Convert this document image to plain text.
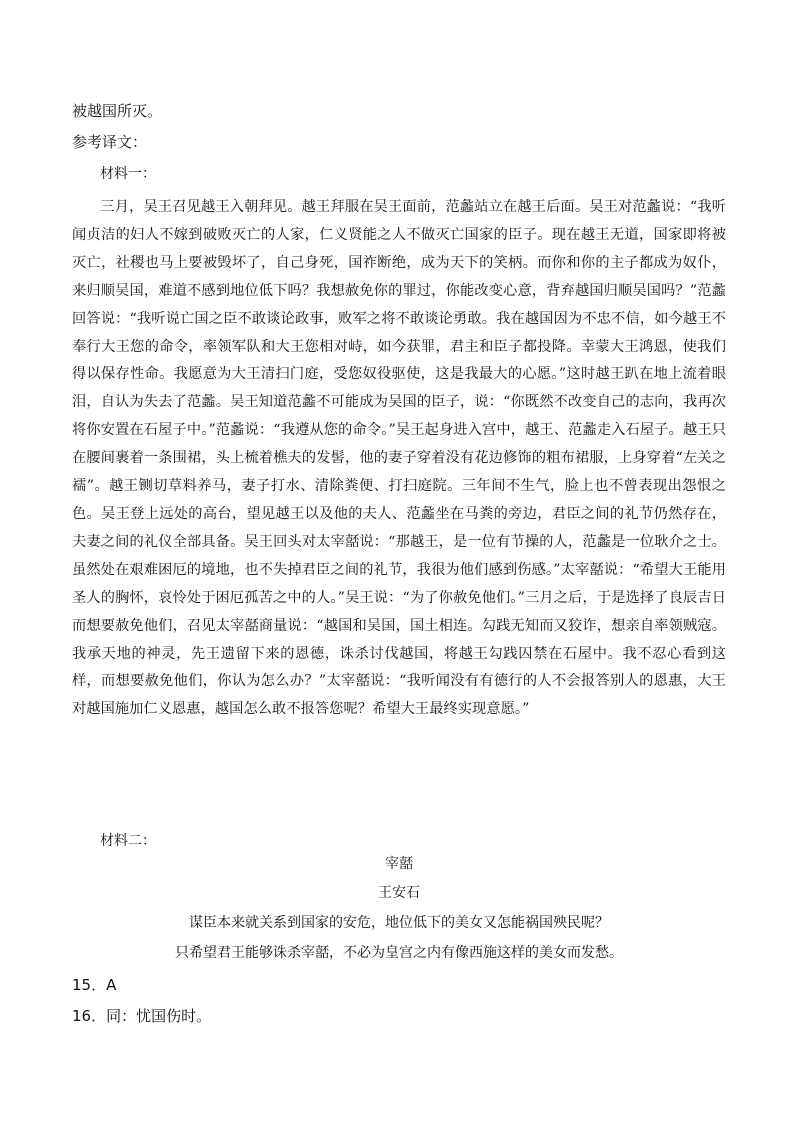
被越国所灭。

参考译文：

材料一：

三月，吴王召见越王入朝拜见。越王拜服在吴王面前，范蠡站立在越王后面。吴王对范蠡说：“我听闻贞洁的妇人不嫁到破败灭亡的人家，仁义贤能之人不做灭亡国家的臣子。现在越王无道，国家即将被灭亡，社稷也马上要被毁坏了，自己身死，国祚断绝，成为天下的笑柄。而你和你的主子都成为奴仆，来归顺吴国，难道不感到地位低下吗？我想赦免你的罪过，你能改变心意，背弃越国归顺吴国吗？”范蠡回答说：“我听说亡国之臣不敢谈论政事，败军之将不敢谈论勇敢。我在越国因为不忠不信，如今越王不奉行大王您的命令，率领军队和大王您相对峙，如今获罪，君主和臣子都投降。幸蒙大王鸿恩，使我们得以保存性命。我愿意为大王清扫门庭，受您奴役驱使，这是我最大的心愿。”这时越王趴在地上流着眼泪，自认为失去了范蠡。吴王知道范蠡不可能成为吴国的臣子，说：“你既然不改变自己的志向，我再次将你安置在石屋子中。”范蠡说：“我遵从您的命令。”吴王起身进入宫中，越王、范蠡走入石屋子。越王只在腰间裹着一条围裙，头上梳着樵夫的发髻，他的妻子穿着没有花边修饰的粗布裙服，上身穿着“左关之襦”。越王铡切草料养马，妻子打水、清除粪便、打扫庭院。三年间不生气，脸上也不曾表现出怨恨之色。吴王登上远处的高台，望见越王以及他的夫人、范蠡坐在马粪的旁边，君臣之间的礼节仍然存在，夫妻之间的礼仪全部具备。吴王回头对太宰嚭说：“那越王，是一位有节操的人，范蠡是一位耿介之士。虽然处在艰难困厄的境地，也不失掉君臣之间的礼节，我很为他们感到伤感。”太宰嚭说：“希望大王能用圣人的胸怀，哀怜处于困厄孤苦之中的人。”吴王说：“为了你赦免他们。”三月之后，于是选择了良辰吉日而想要赦免他们，召见太宰嚭商量说：“越国和吴国，国土相连。勾践无知而又狡诈，想亲自率领贼寇。我承天地的神灵，先王遗留下来的恩德，诛杀讨伐越国，将越王勾践囚禁在石屋中。我不忍心看到这样，而想要赦免他们，你认为怎么办？”太宰嚭说：“我听闻没有有德行的人不会报答别人的恩惠，大王对越国施加仁义恩惠，越国怎么敢不报答您呢？希望大王最终实现意愿。”

材料二：

宰嚭

王安石

谋臣本来就关系到国家的安危，地位低下的美女又怎能祸国殃民呢？

只希望君王能够诛杀宰嚭，不必为皇宫之内有像西施这样的美女而发愁。

15．A

16．同：忧国伤时。
